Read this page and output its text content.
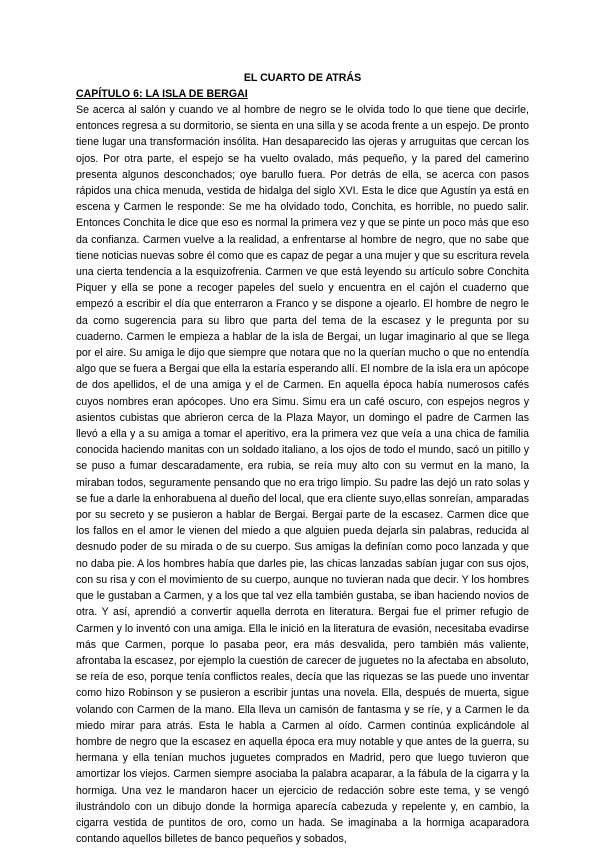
EL CUARTO DE ATRÁS
CAPÍTULO 6: LA ISLA DE BERGAI

Se acerca al salón y cuando ve al hombre de negro se le olvida todo lo que tiene que decirle, entonces regresa a su dormitorio, se sienta en una silla y se acoda frente a un espejo. De pronto tiene lugar una transformación insólita. Han desaparecido las ojeras y arruguitas que cercan los ojos. Por otra parte, el espejo se ha vuelto ovalado, más pequeño, y la pared del camerino presenta algunos desconchados; oye barullo fuera. Por detrás de ella, se acerca con pasos rápidos una chica menuda, vestida de hidalga del siglo XVI. Esta le dice que Agustín ya está en escena y Carmen le responde: Se me ha olvidado todo, Conchita, es horrible, no puedo salir. Entonces Conchita le dice que eso es normal la primera vez y que se pinte un poco más que eso da confianza. Carmen vuelve a la realidad, a enfrentarse al hombre de negro, que no sabe que tiene noticias nuevas sobre él como que es capaz de pegar a una mujer y que su escritura revela una cierta tendencia a la esquizofrenia. Carmen ve que está leyendo su artículo sobre Conchita Piquer y ella se pone a recoger papeles del suelo y encuentra en el cajón el cuaderno que empezó a escribir el día que enterraron a Franco y se dispone a ojearlo. El hombre de negro le da como sugerencia para su libro que parta del tema de la escasez y le pregunta por su cuaderno. Carmen le empieza a hablar de la isla de Bergai, un lugar imaginario al que se llega por el aire. Su amiga le dijo que siempre que notara que no la querían mucho o que no entendía algo que se fuera a Bergai que ella la estaría esperando allí. El nombre de la isla era un apócope de dos apellidos, el de una amiga y el de Carmen. En aquella época había numerosos cafés cuyos nombres eran apócopes. Uno era Simu. Simu era un café oscuro, con espejos negros y asientos cubistas que abrieron cerca de la Plaza Mayor, un domingo el padre de Carmen las llevó a ella y a su amiga a tomar el aperitivo, era la primera vez que veía a una chica de familia conocida haciendo manitas con un soldado italiano, a los ojos de todo el mundo, sacó un pitillo y se puso a fumar descaradamente, era rubia, se reía muy alto con su vermut en la mano, la miraban todos, seguramente pensando que no era trigo limpio. Su padre las dejó un rato solas y se fue a darle la enhorabuena al dueño del local, que era cliente suyo,ellas sonreían, amparadas por su secreto y se pusieron a hablar de Bergai. Bergai parte de la escasez. Carmen dice que los fallos en el amor le vienen del miedo a que alguien pueda dejarla sin palabras, reducida al desnudo poder de su mirada o de su cuerpo. Sus amigas la definían como poco lanzada y que no daba pie. A los hombres había que darles pie, las chicas lanzadas sabían jugar con sus ojos, con su risa y con el movimiento de su cuerpo, aunque no tuvieran nada que decir. Y los hombres que le gustaban a Carmen, y a los que tal vez ella también gustaba, se iban haciendo novios de otra. Y así, aprendió a convertir aquella derrota en literatura. Bergai fue el primer refugio de Carmen y lo inventó con una amiga. Ella le inició en la literatura de evasión, necesitaba evadirse más que Carmen, porque lo pasaba peor, era más desvalida, pero también más valiente, afrontaba la escasez, por ejemplo la cuestión de carecer de juguetes no la afectaba en absoluto, se reía de eso, porque tenía conflictos reales, decía que las riquezas se las puede uno inventar como hizo Robinson y se pusieron a escribir juntas una novela. Ella, después de muerta, sigue volando con Carmen de la mano. Ella lleva un camisón de fantasma y se ríe, y a Carmen le da miedo mirar para atrás. Esta le habla a Carmen al oído. Carmen continúa explicándole al hombre de negro que la escasez en aquella época era muy notable y que antes de la guerra, su hermana y ella tenían muchos juguetes comprados en Madrid, pero que luego tuvieron que amortizar los viejos. Carmen siempre asociaba la palabra acaparar, a la fábula de la cigarra y la hormiga. Una vez le mandaron hacer un ejercicio de redacción sobre este tema, y se vengó ilustrándolo con un dibujo donde la hormiga aparecía cabezuda y repelente y, en cambio, la cigarra vestida de puntitos de oro, como un hada. Se imaginaba a la hormiga acaparadora contando aquellos billetes de banco pequeños y sobados,
